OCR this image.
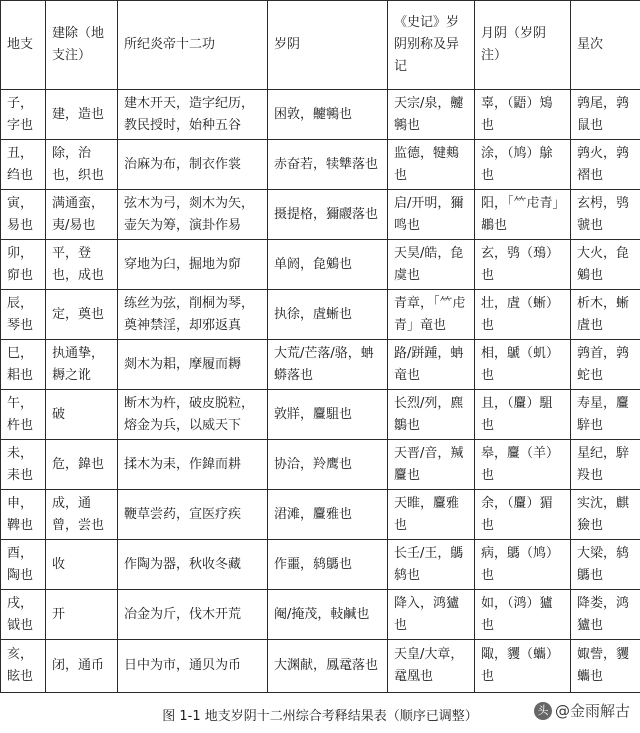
地支	建除（地支注）	所纪炎帝十二功	岁阴	《史记》岁阴别称及异记	月阴（岁阴注）	星次
子，字也	建，造也	建木开天，造字纪历，教民授时，始种五谷	困敦，䶑鸋也	天宗/泉，䶑鸋也	辜，（鼯）鴙也	鹑尾，鹑鼠也
丑，绉也	除，治也，织也	治麻为布，制衣作裳	赤奋若，犊犨落也	监德，犍鷞也	涂，（鸠）鵌也	鹑火，鹑褶也
寅，易也	满通蛮，夷/易也	弦木为弓，剡木为矢，壶矢为筹，演卦作易	摄提格，獮鬷落也	启/开明，獮鸣也	阳，「⺮虍青」鶘也	玄枵，鸮虢也
卯，窌也	平，登也，成也	穿地为臼，掘地为窌	单阏，㲋鵵也	天昊/皓，㲋虞也	玄，鸮（䲹）也	大火，㲋鵵也
辰，琴也	定，奠也	练丝为弦，削桐为琴，奠神禁淫，却邪返真	执徐，虘蜥也	青章，「⺮虍青」竜也	壮，虘（蜥）也	析木，蜥虘也
巳，耜也	执通挚，耨之讹	剡木为耜，摩履而耨	大荒/芒落/骆，蚺蟒落也	路/跰踵，蚺竜也	相，鷈（虮）也	鹑首，鹑蛇也
午，杵也	破	断木为杵，破皮脱粒，熔金为兵，以威天下	敦牂，麠駔也	长烈/列，麃鶵也	且，（麠）駔也	寿星，麠騂也
未，耒也	危，鍏也	揉木为耒，作鍏而耕	协洽，羚鹰也	天晋/音，羬麠也	皋，麠（羊）也	星纪，騂羖也
申，鞞也	成，通曾，尝也	鞭草尝药，宣医疗疾	涒滩，麠雅也	天睢，麠雅也	余，（麠）猸也	实沈，麒獫也
酉，陶也	收	作陶为器，秋收冬藏	作噩，鸫鷌也	长壬/王，鷌鸫也	病，鷌（鸠）也	大梁，鸫鷌也
戌，钺也	开	冶金为斤，伐木开荒	阉/掩茂，軙鹹也	降入，鸿獹也	如，（鸿）獹也	降娄，鸿獹也
亥，眩也	闭，通币	日中为市，通贝为币	大渊献，鳳鼋落也	天皇/大章，鼋凰也	陬，貜（蠵）也	娵訾，貜蠵也
图 1-1 地支岁阴十二州综合考释结果表（顺序已调整）	头 @金雨解古
